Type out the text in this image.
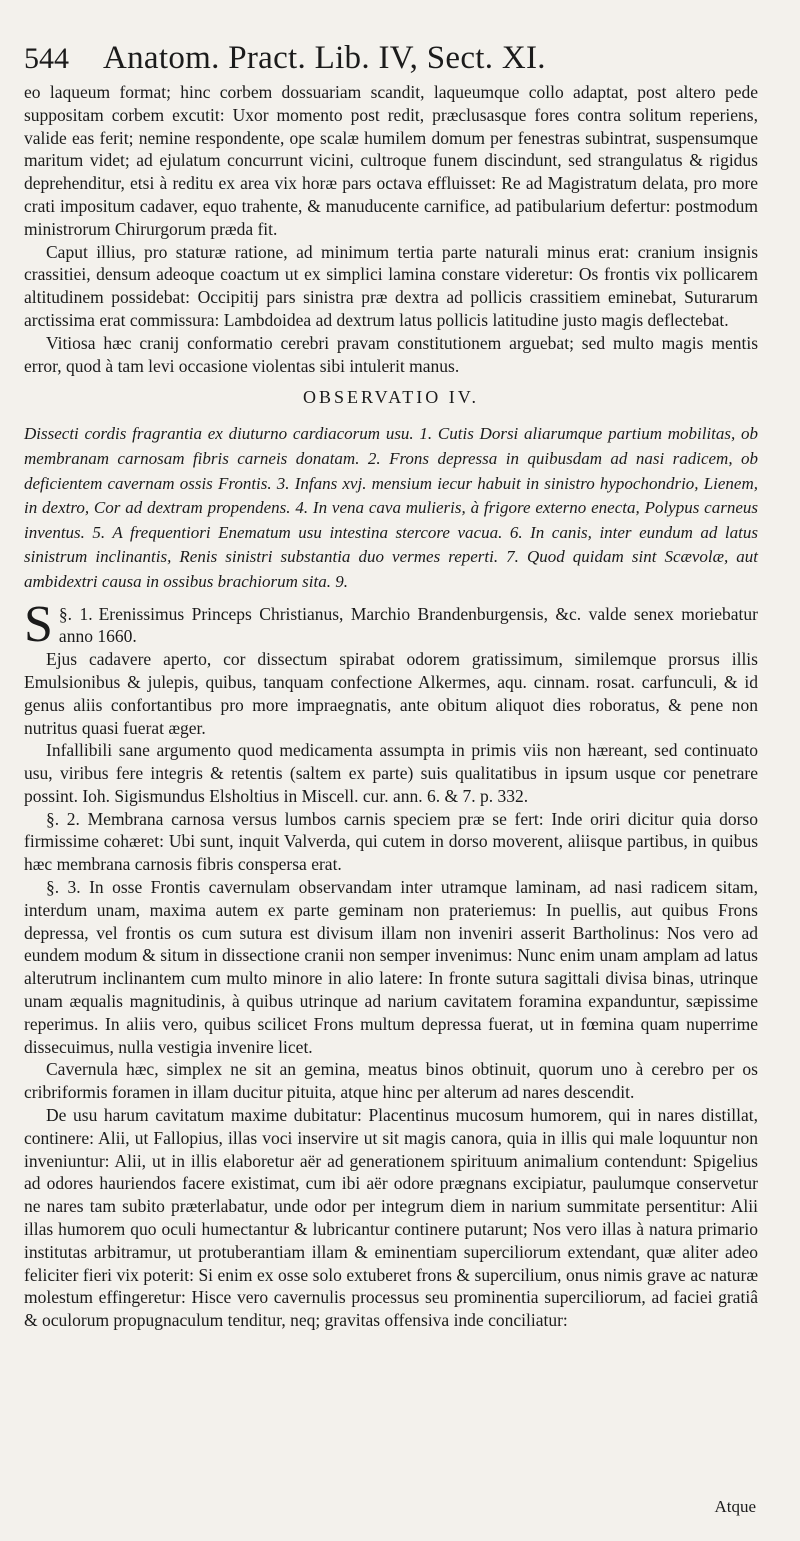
544 Anatom. Pract. Lib. IV, Sect. XI.

eo laqueum format; hinc corbem dossuariam scandit, laqueumque collo adaptat, post altero pede suppositam corbem excutit: Uxor momento post redit, præclusasque fores contra solitum reperiens, valide eas ferit; nemine respondente, ope scalæ humilem domum per fenestras subintrat, suspensumque maritum videt; ad ejulatum concurrunt vicini, cultroque funem discindunt, sed strangulatus & rigidus deprehenditur, etsi à reditu ex area vix horæ pars octava effluisset: Re ad Magistratum delata, pro more crati impositum cadaver, equo trahente, & manuducente carnifice, ad patibularium defertur: postmodum ministrorum Chirurgorum præda fit.

Caput illius, pro staturæ ratione, ad minimum tertia parte naturali minus erat: cranium insignis crassitiei, densum adeoque coactum ut ex simplici lamina constare videretur: Os frontis vix pollicarem altitudinem possidebat: Occipitij pars sinistra præ dextra ad pollicis crassitiem eminebat, Suturarum arctissima erat commissura: Lambdoidea ad dextrum latus pollicis latitudine justo magis deflectebat.

Vitiosa hæc cranij conformatio cerebri pravam constitutionem arguebat; sed multo magis mentis error, quod à tam levi occasione violentas sibi intulerit manus.

OBSERVATIO IV.
Dissecti cordis fragrantia ex diuturno cardiacorum usu. 1. Cutis Dorsi aliarumque partium mobilitas, ob membranam carnosam fibris carneis donatam. 2. Frons depressa in quibusdam ad nasi radicem, ob deficientem cavernam ossis Frontis. 3. Infans xvj. mensium iecur habuit in sinistro hypochondrio, Lienem, in dextro, Cor ad dextram propendens. 4. In vena cava mulieris, à frigore externo enecta, Polypus carneus inventus. 5. A frequentiori Enematum usu intestina stercore vacua. 6. In canis, inter eundum ad latus sinistrum inclinantis, Renis sinistri substantia duo vermes reperti. 7. Quod quidam sint Scævolæ, aut ambidextri causa in ossibus brachiorum sita. 9.

§. 1.
S	Erenissimus Princeps Christianus, Marchio Brandenburgensis, &c. valde senex moriebatur anno 1660.

Ejus cadavere aperto, cor dissectum spirabat odorem gratissimum, similemque prorsus illis Emulsionibus & julepis, quibus, tanquam confectione Alkermes, aqu. cinnam. rosat. carfunculi, & id genus aliis confortantibus pro more impraegnatis, ante obitum aliquot dies roboratus, & pene non nutritus quasi fuerat æger.

Infallibili sane argumento quod medicamenta assumpta in primis viis non hæreant, sed continuato usu, viribus fere integris & retentis (saltem ex parte) suis qualitatibus in ipsum usque cor penetrare possint. Ioh. Sigismundus Elsholtius in Miscell. cur. ann. 6. & 7. p. 332.

§. 2. Membrana carnosa versus lumbos carnis speciem præ se fert: Inde oriri dicitur quia dorso firmissime cohæret: Ubi sunt, inquit Valverda, qui cutem in dorso moverent, aliisque partibus, in quibus hæc membrana carnosis fibris conspersa erat.

§. 3. In osse Frontis cavernulam observandam inter utramque laminam, ad nasi radicem sitam, interdum unam, maxima autem ex parte geminam non prateriemus: In puellis, aut quibus Frons depressa, vel frontis os cum sutura est divisum illam non inveniri asserit Bartholinus: Nos vero ad eundem modum & situm in dissectione cranii non semper invenimus: Nunc enim unam amplam ad latus alterutrum inclinantem cum multo minore in alio latere: In fronte sutura sagittali divisa binas, utrinque unam æqualis magnitudinis, à quibus utrinque ad narium cavitatem foramina expanduntur, sæpissime reperimus. In aliis vero, quibus scilicet Frons multum depressa fuerat, ut in fœmina quam nuperrime dissecuimus, nulla vestigia invenire licet.

Cavernula hæc, simplex ne sit an gemina, meatus binos obtinuit, quorum uno à cerebro per os cribriformis foramen in illam ducitur pituita, atque hinc per alterum ad nares descendit.

De usu harum cavitatum maxime dubitatur: Placentinus mucosum humorem, qui in nares distillat, continere: Alii, ut Fallopius, illas voci inservire ut sit magis canora, quia in illis qui male loquuntur non inveniuntur: Alii, ut in illis elaboretur aër ad generationem spirituum animalium contendunt: Spigelius ad odores hauriendos facere existimat, cum ibi aër odore prægnans excipiatur, paulumque conservetur ne nares tam subito præterlabatur, unde odor per integrum diem in narium summitate persentitur: Alii illas humorem quo oculi humectantur & lubricantur continere putarunt; Nos vero illas à natura primario institutas arbitramur, ut protuberantiam illam & eminentiam superciliorum extendant, quæ aliter adeo feliciter fieri vix poterit: Si enim ex osse solo extuberet frons & supercilium, onus nimis grave ac naturæ molestum effingeretur: Hisce vero cavernulis processus seu prominentia superciliorum, ad faciei gratiâ & oculorum propugnaculum tenditur, neq; gravitas offensiva inde conciliatur:

Atque
